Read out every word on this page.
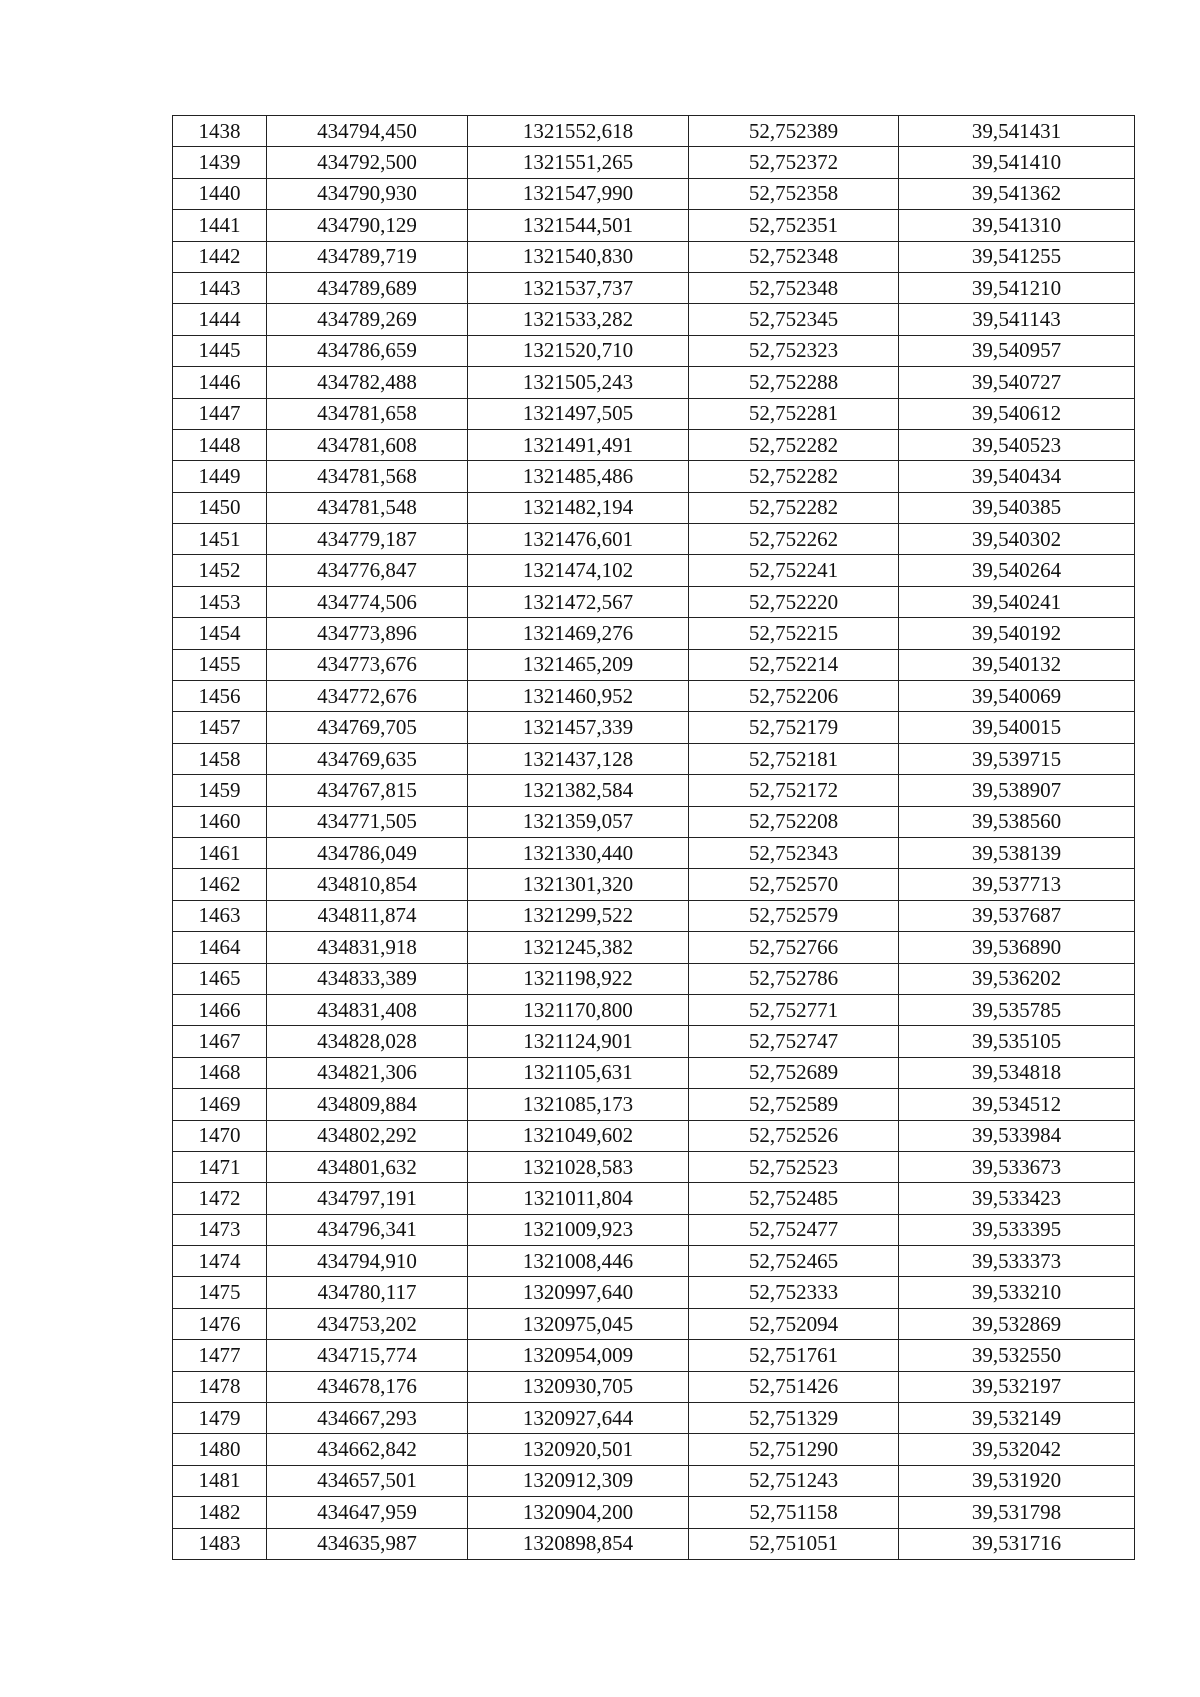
1438	434794,450	1321552,618	52,752389	39,541431
1439	434792,500	1321551,265	52,752372	39,541410
1440	434790,930	1321547,990	52,752358	39,541362
1441	434790,129	1321544,501	52,752351	39,541310
1442	434789,719	1321540,830	52,752348	39,541255
1443	434789,689	1321537,737	52,752348	39,541210
1444	434789,269	1321533,282	52,752345	39,541143
1445	434786,659	1321520,710	52,752323	39,540957
1446	434782,488	1321505,243	52,752288	39,540727
1447	434781,658	1321497,505	52,752281	39,540612
1448	434781,608	1321491,491	52,752282	39,540523
1449	434781,568	1321485,486	52,752282	39,540434
1450	434781,548	1321482,194	52,752282	39,540385
1451	434779,187	1321476,601	52,752262	39,540302
1452	434776,847	1321474,102	52,752241	39,540264
1453	434774,506	1321472,567	52,752220	39,540241
1454	434773,896	1321469,276	52,752215	39,540192
1455	434773,676	1321465,209	52,752214	39,540132
1456	434772,676	1321460,952	52,752206	39,540069
1457	434769,705	1321457,339	52,752179	39,540015
1458	434769,635	1321437,128	52,752181	39,539715
1459	434767,815	1321382,584	52,752172	39,538907
1460	434771,505	1321359,057	52,752208	39,538560
1461	434786,049	1321330,440	52,752343	39,538139
1462	434810,854	1321301,320	52,752570	39,537713
1463	434811,874	1321299,522	52,752579	39,537687
1464	434831,918	1321245,382	52,752766	39,536890
1465	434833,389	1321198,922	52,752786	39,536202
1466	434831,408	1321170,800	52,752771	39,535785
1467	434828,028	1321124,901	52,752747	39,535105
1468	434821,306	1321105,631	52,752689	39,534818
1469	434809,884	1321085,173	52,752589	39,534512
1470	434802,292	1321049,602	52,752526	39,533984
1471	434801,632	1321028,583	52,752523	39,533673
1472	434797,191	1321011,804	52,752485	39,533423
1473	434796,341	1321009,923	52,752477	39,533395
1474	434794,910	1321008,446	52,752465	39,533373
1475	434780,117	1320997,640	52,752333	39,533210
1476	434753,202	1320975,045	52,752094	39,532869
1477	434715,774	1320954,009	52,751761	39,532550
1478	434678,176	1320930,705	52,751426	39,532197
1479	434667,293	1320927,644	52,751329	39,532149
1480	434662,842	1320920,501	52,751290	39,532042
1481	434657,501	1320912,309	52,751243	39,531920
1482	434647,959	1320904,200	52,751158	39,531798
1483	434635,987	1320898,854	52,751051	39,531716
